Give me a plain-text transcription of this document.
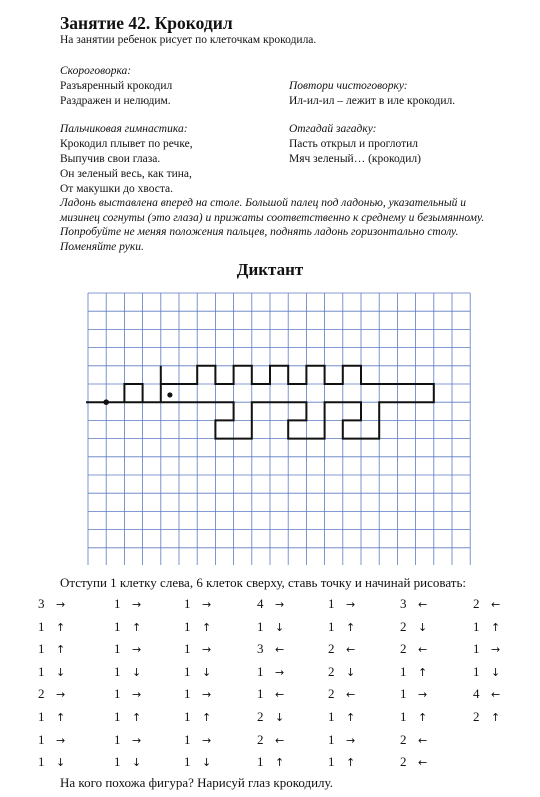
Занятие 42. Крокодил
На занятии ребенок рисует по клеточкам крокодила.
Скороговорка:
Разъяренный крокодил
Раздражен и нелюдим.
Повтори чистоговорку:
Ил-ил-ил – лежит в иле крокодил.
Пальчиковая гимнастика:
Крокодил плывет по речке,
Выпучив свои глаза.
Он зеленый весь, как тина,
От макушки до хвоста.
Отгадай загадку:
Пасть открыл и проглотил
Мяч зеленый… (крокодил)
Ладонь выставлена вперед на столе. Большой палец под ладонью, указательный и
мизинец согнуты (это глаза) и прижаты соответственно к среднему и безымянному.
Попробуйте не меняя положения пальцев, поднять ладонь горизонтально столу.
Поменяйте руки.
Диктант
Отступи 1 клетку слева, 6 клеток сверху, ставь точку и начинай рисовать:
3 →
1 ↑
1 ↑
1 ↓
2 →
1 ↑
1 →
1 ↓
1 →
1 ↑
1 →
1 ↓
1 →
1 ↑
1 →
1 ↓
1 →
1 ↑
1 →
1 ↓
1 →
1 ↑
1 →
1 ↓
4 →
1 ↓
3 ←
1 →
1 ←
2 ↓
2 ←
1 ↑
1 →
1 ↑
2 ←
2 ↓
2 ←
1 ↑
1 →
1 ↑
3 ←
2 ↓
2 ←
1 ↑
1 →
1 ↑
2 ←
2 ←
2 ←
1 ↑
1 →
1 ↓
4 ←
2 ↑
На кого похожа фигура? Нарисуй глаз крокодилу.
